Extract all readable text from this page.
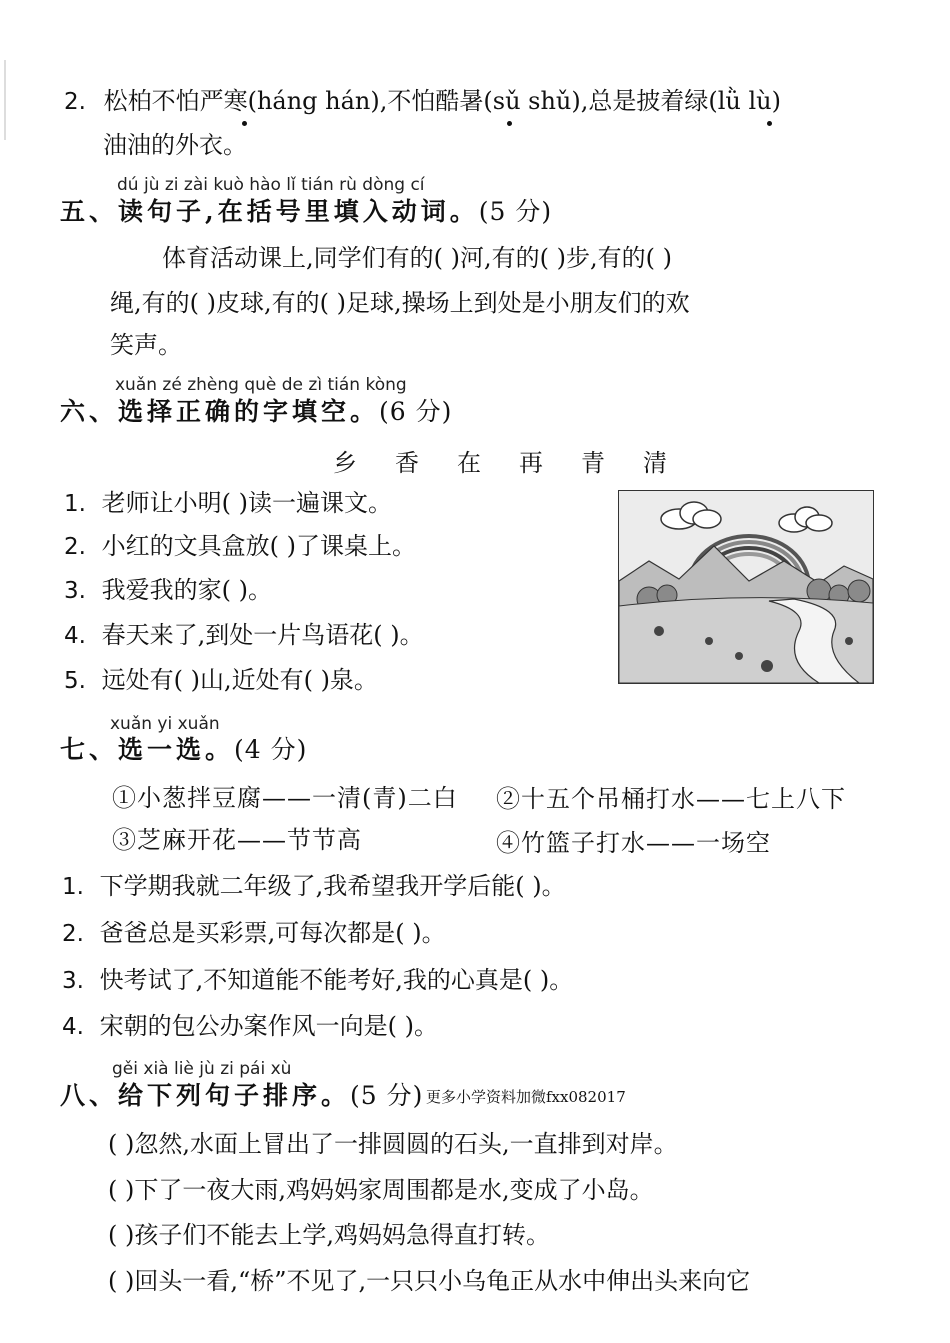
2. 松柏不怕严寒(háng hán),不怕酷暑(sǔ shǔ),总是披着绿(lǜ lù)
油油的外衣。
dú jù zi zài kuò hào lǐ tián rù dòng cí
五、读句子,在括号里填入动词。(5 分)
体育活动课上,同学们有的( )河,有的( )步,有的( )
绳,有的( )皮球,有的( )足球,操场上到处是小朋友们的欢
笑声。
xuǎn zé zhèng què de zì tián kòng
六、选择正确的字填空。(6 分)
乡 香 在 再 青 清
1. 老师让小明( )读一遍课文。
2. 小红的文具盒放( )了课桌上。
3. 我爱我的家( )。
4. 春天来了,到处一片鸟语花( )。
5. 远处有( )山,近处有( )泉。
xuǎn yi xuǎn
七、选一选。(4 分)
①小葱拌豆腐——一清(青)二白 ②十五个吊桶打水——七上八下
③芝麻开花——节节高	④竹篮子打水——一场空
1. 下学期我就二年级了,我希望我开学后能( )。
2. 爸爸总是买彩票,可每次都是( )。
3. 快考试了,不知道能不能考好,我的心真是( )。
4. 宋朝的包公办案作风一向是( )。
gěi xià liè jù zi pái xù
八、给下列句子排序。(5 分) 更多小学资料加微fxx082017
( )忽然,水面上冒出了一排圆圆的石头,一直排到对岸。
( )下了一夜大雨,鸡妈妈家周围都是水,变成了小岛。
( )孩子们不能去上学,鸡妈妈急得直打转。
( )回头一看,“桥”不见了,一只只小乌龟正从水中伸出头来向它
